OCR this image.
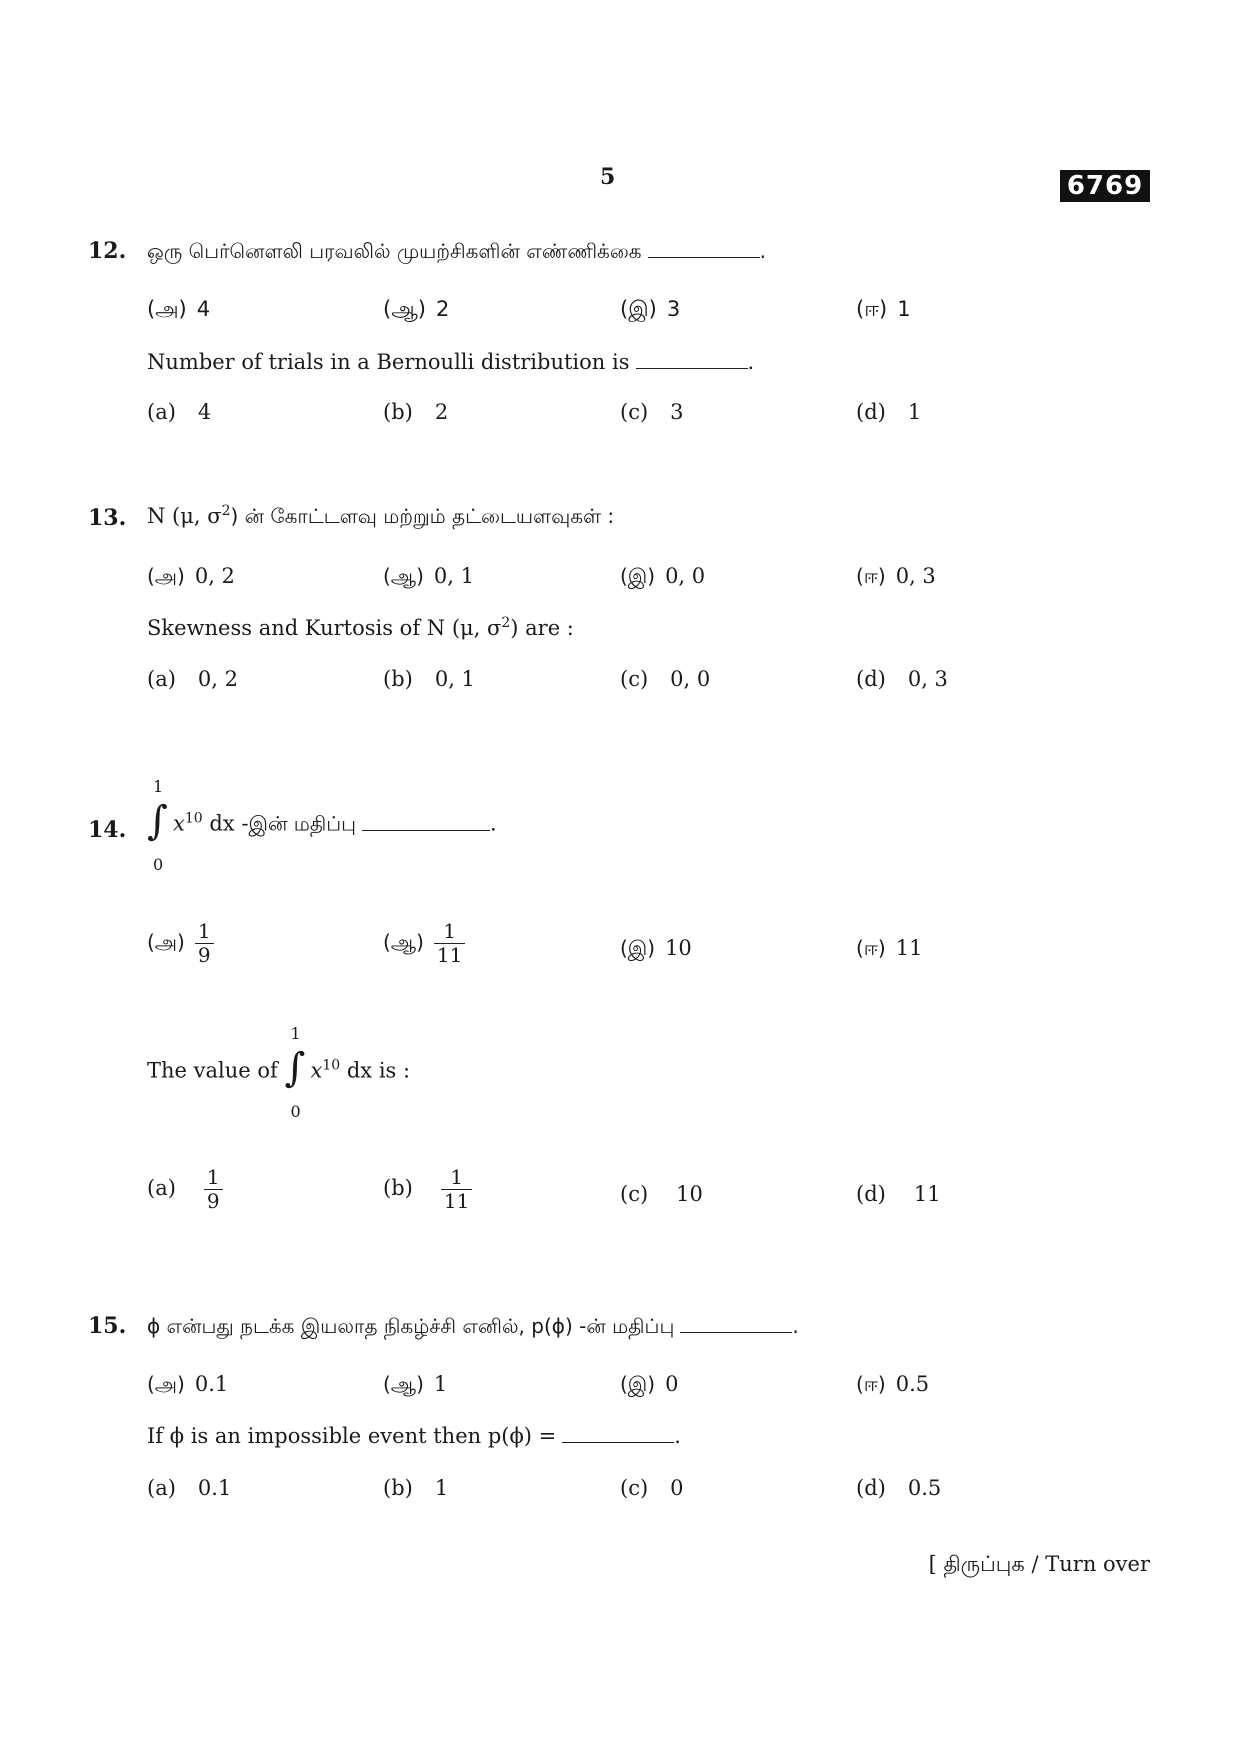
5	6769
12. ஒரு பெர்னௌலி பரவலில் முயற்சிகளின் எண்ணிக்கை	.
(அ) 4	(ஆ) 2	(இ) 3	(ஈ) 1
Number of trials in a Bernoulli distribution is	.
(a) 4	(b) 2	(c) 3	(d) 1
13. N (μ, $\sigma^2$) ன் கோட்டளவு மற்றும் தட்டையளவுகள் :
(அ) 0, 2	(ஆ) 0, 1	(இ) 0, 0	(ஈ) 0, 3
Skewness and Kurtosis of N (μ, $\sigma^2$) are :
(a) 0, 2	(b) 0, 1	(c) 0, 0	(d) 0, 3
14.
1
∫
0
$x^{10}$ dx -இன் மதிப்பு	.
(அ) $\frac{1}{9}$	(ஆ) $\frac{1}{11}$	(இ) 10	(ஈ) 11
The value of
1
∫
0
$x^{10}$ dx is :
$(a) \frac{1}{9}$	$(b) \frac{1}{11}$	(c) 10	(d) 11
15. ϕ என்பது நடக்க இயலாத நிகழ்ச்சி எனில், p(ϕ) -ன் மதிப்பு	.
(அ) 0.1	(ஆ) 1	(இ) 0	(ஈ) 0.5
If ϕ is an impossible event then p(ϕ) =	.
(a) 0.1	(b) 1	(c) 0	(d) 0.5
[ திருப்புக / Turn over
